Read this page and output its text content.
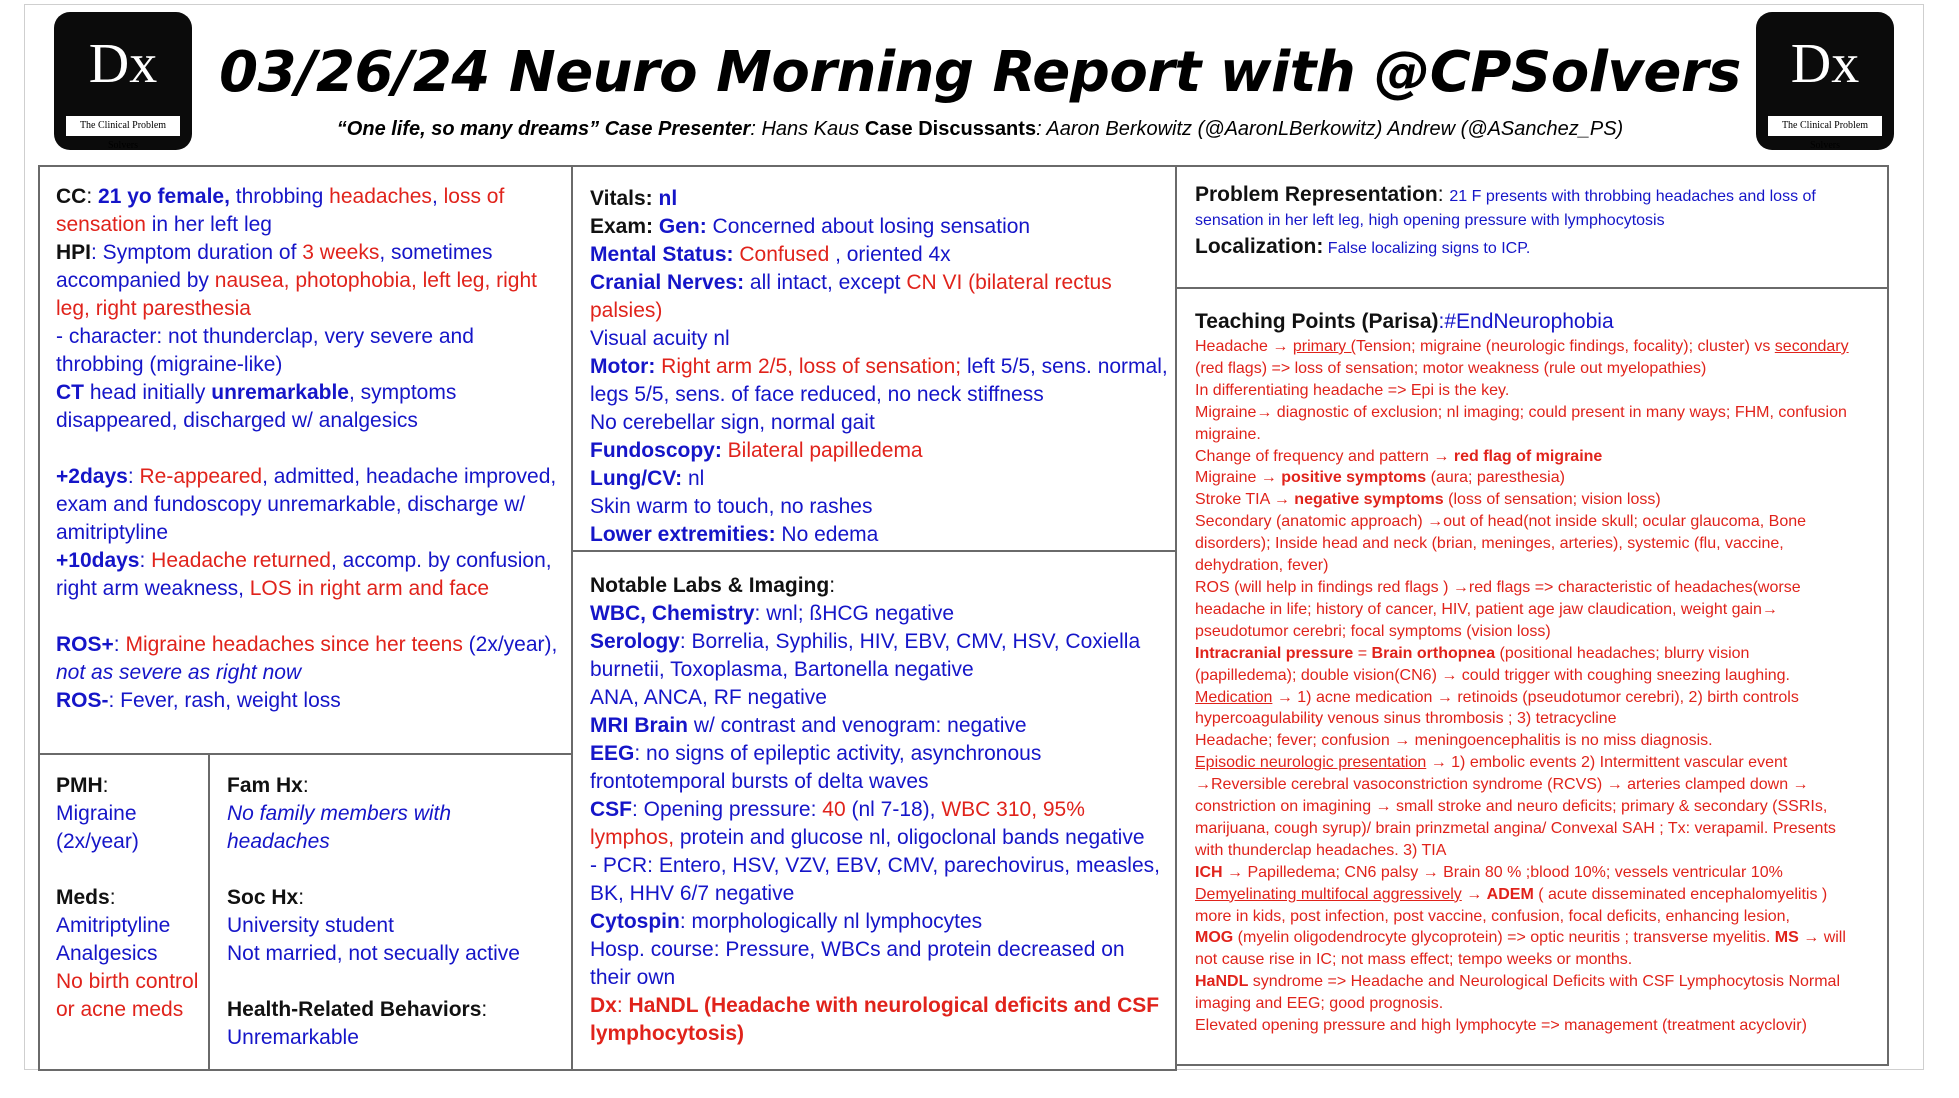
Dx
The Clinical Problem Solvers
Dx
The Clinical Problem Solvers
03/26/24 Neuro Morning Report with @CPSolvers
“One life, so many dreams” Case Presenter: Hans Kaus Case Discussants: Aaron Berkowitz (@AaronLBerkowitz) Andrew (@ASanchez_PS)

CC: 21 yo female, throbbing headaches, loss of sensation in her left leg

HPI: Symptom duration of 3 weeks, sometimes accompanied by nausea, photophobia, left leg, right leg, right paresthesia

- character: not thunderclap, very severe and throbbing (migraine-like)

CT head initially unremarkable, symptoms disappeared, discharged w/ analgesics

+2days: Re-appeared, admitted, headache improved, exam and fundoscopy unremarkable, discharge w/ amitriptyline

+10days: Headache returned, accomp. by confusion, right arm weakness, LOS in right arm and face

ROS+: Migraine headaches since her teens (2x/year), not as severe as right now

ROS-: Fever, rash, weight loss

PMH:

Migraine (2x/year)

Meds:

Amitriptyline

Analgesics

No birth control or acne meds

Fam Hx:

No family members with headaches

Soc Hx:

University student

Not married, not secually active

Health-Related Behaviors:

Unremarkable

Vitals: nl

Exam: Gen: Concerned about losing sensation

Mental Status: Confused , oriented 4x

Cranial Nerves: all intact, except CN VI (bilateral rectus palsies)

Visual acuity nl

Motor: Right arm 2/5, loss of sensation; left 5/5, sens. normal, legs 5/5, sens. of face reduced, no neck stiffness

No cerebellar sign, normal gait

Fundoscopy: Bilateral papilledema

Lung/CV: nl

Skin warm to touch, no rashes

Lower extremities: No edema

Notable Labs & Imaging:

WBC, Chemistry: wnl; ßHCG negative

Serology: Borrelia, Syphilis, HIV, EBV, CMV, HSV, Coxiella burnetii, Toxoplasma, Bartonella negative

ANA, ANCA, RF negative

MRI Brain w/ contrast and venogram: negative

EEG: no signs of epileptic activity, asynchronous frontotemporal bursts of delta waves

CSF: Opening pressure: 40 (nl 7-18), WBC 310, 95% lymphos, protein and glucose nl, oligoclonal bands negative

- PCR: Entero, HSV, VZV, EBV, CMV, parechovirus, measles, BK, HHV 6/7 negative

Cytospin: morphologically nl lymphocytes

Hosp. course: Pressure, WBCs and protein decreased on their own

Dx: HaNDL (Headache with neurological deficits and CSF lymphocytosis)

Problem Representation: 21 F presents with throbbing headaches and loss of sensation in her left leg, high opening pressure with lymphocytosis

Localization: False localizing signs to ICP.

Teaching Points (Parisa):#EndNeurophobia

Headache → primary (Tension; migraine (neurologic findings, focality); cluster) vs secondary (red flags) => loss of sensation; motor weakness (rule out myelopathies)

In differentiating headache => Epi is the key.

Migraine→ diagnostic of exclusion; nl imaging; could present in many ways; FHM, confusion migraine.

Change of frequency and pattern → red flag of migraine

Migraine → positive symptoms (aura; paresthesia)

Stroke TIA → negative symptoms (loss of sensation; vision loss)

Secondary (anatomic approach) →out of head(not inside skull; ocular glaucoma, Bone disorders); Inside head and neck (brian, meninges, arteries), systemic (flu, vaccine, dehydration, fever)

ROS (will help in findings red flags ) →red flags => characteristic of headaches(worse headache in life; history of cancer, HIV, patient age jaw claudication, weight gain→ pseudotumor cerebri; focal symptoms (vision loss)

Intracranial pressure = Brain orthopnea (positional headaches; blurry vision (papilledema); double vision(CN6) → could trigger with coughing sneezing laughing.

Medication → 1) acne medication → retinoids (pseudotumor cerebri), 2) birth controls hypercoagulability venous sinus thrombosis ; 3) tetracycline

Headache; fever; confusion → meningoencephalitis is no miss diagnosis.

Episodic neurologic presentation → 1) embolic events 2) Intermittent vascular event →Reversible cerebral vasoconstriction syndrome (RCVS) → arteries clamped down → constriction on imagining → small stroke and neuro deficits; primary & secondary (SSRIs, marijuana, cough syrup)/ brain prinzmetal angina/ Convexal SAH ; Tx: verapamil. Presents with thunderclap headaches. 3) TIA

ICH → Papilledema; CN6 palsy → Brain 80 % ;blood 10%; vessels ventricular 10%

Demyelinating multifocal aggressively → ADEM ( acute disseminated encephalomyelitis ) more in kids, post infection, post vaccine, confusion, focal deficits, enhancing lesion,

MOG (myelin oligodendrocyte glycoprotein) => optic neuritis ; transverse myelitis. MS → will not cause rise in IC; not mass effect; tempo weeks or months.

HaNDL syndrome => Headache and Neurological Deficits with CSF Lymphocytosis Normal imaging and EEG; good prognosis.

Elevated opening pressure and high lymphocyte => management (treatment acyclovir)
